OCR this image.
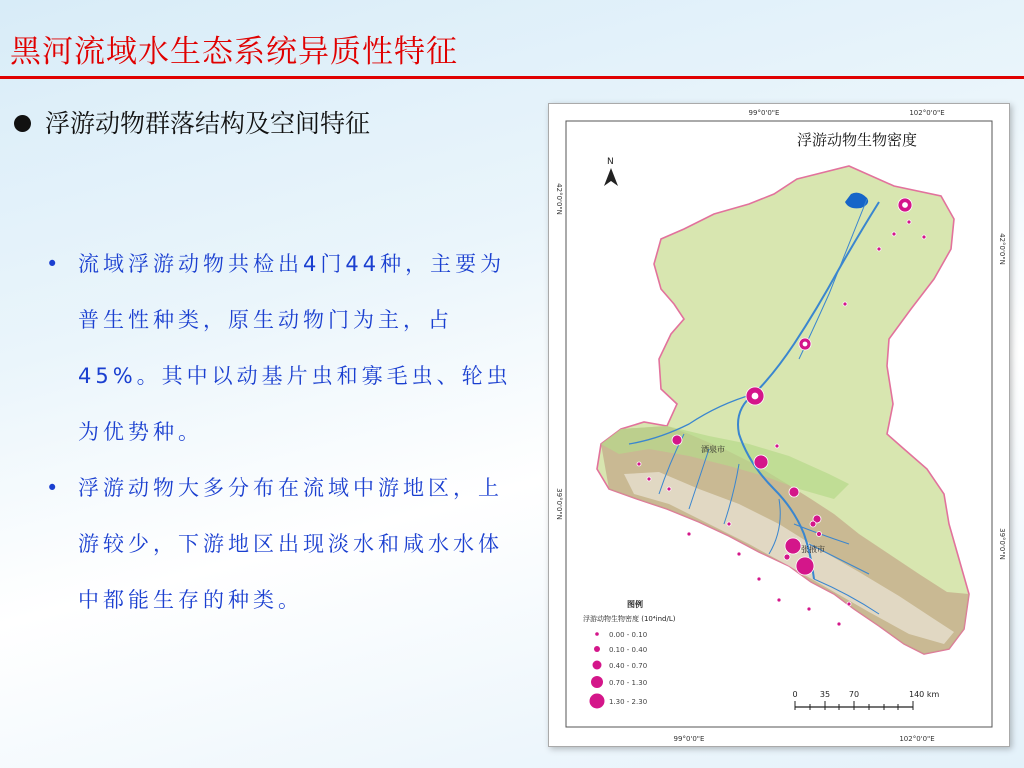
黑河流域水生态系统异质性特征
浮游动物群落结构及空间特征
• 流域浮游动物共检出4门44种，主要为普生性种类，原生动物门为主，占45%。其中以动基片虫和寡毛虫、轮虫为优势种。
• 浮游动物大多分布在流域中游地区，上游较少，下游地区出现淡水和咸水水体中都能生存的种类。
99°0'0"E	102°0'0"E
99°0'0"E	102°0'0"E
42°0'0"N
39°0'0"N
42°0'0"N
39°0'0"N
N
酒泉市
张掖市
图例
浮游动物生物密度 (10⁴ind/L)
0.00 - 0.10
0.10 - 0.40
0.40 - 0.70
0.70 - 1.30
1.30 - 2.30
0	35 70	140 km
浮游动物生物密度
